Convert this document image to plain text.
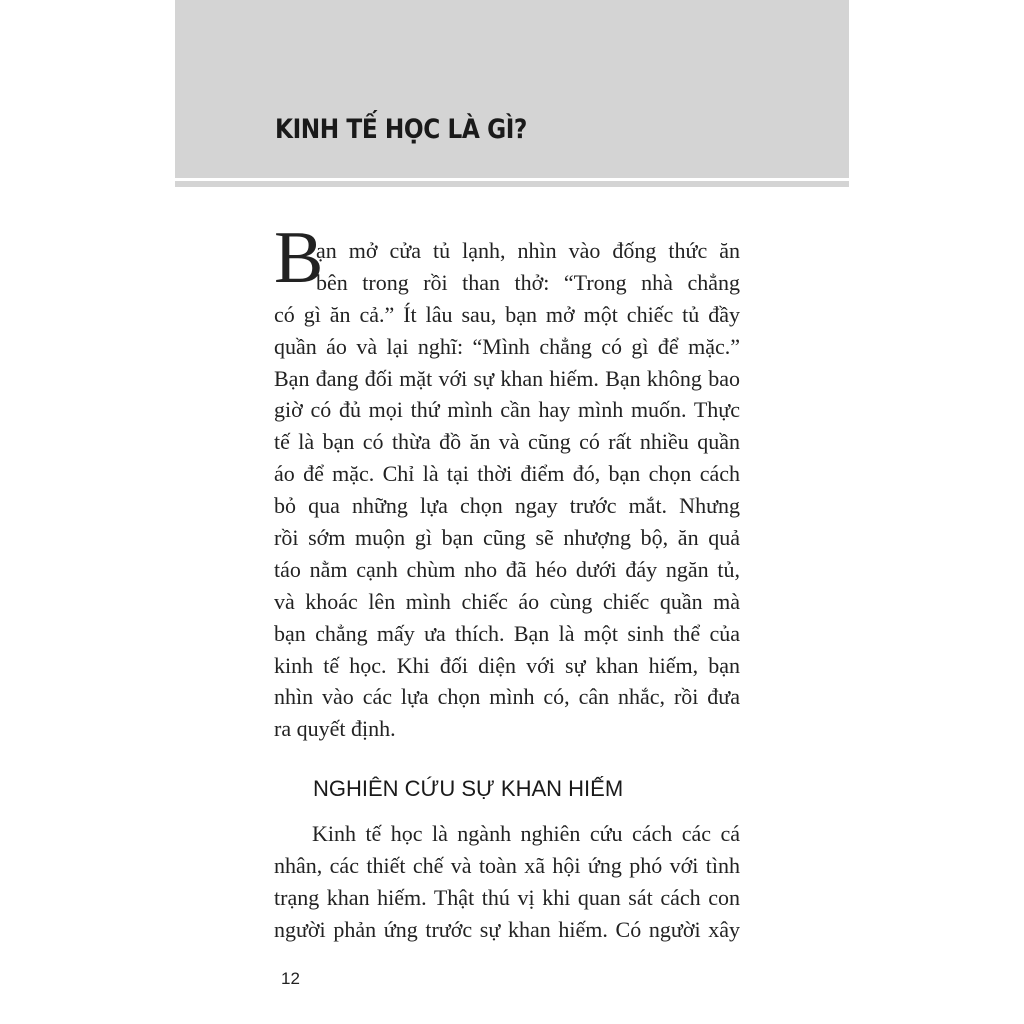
KINH TẾ HỌC LÀ GÌ?
B
ạn mở cửa tủ lạnh, nhìn vào đống thức ăn
bên trong rồi than thở: “Trong nhà chẳng
có gì ăn cả.” Ít lâu sau, bạn mở một chiếc tủ đầy
quần áo và lại nghĩ: “Mình chẳng có gì để mặc.”
Bạn đang đối mặt với sự khan hiếm. Bạn không bao
giờ có đủ mọi thứ mình cần hay mình muốn. Thực
tế là bạn có thừa đồ ăn và cũng có rất nhiều quần
áo để mặc. Chỉ là tại thời điểm đó, bạn chọn cách
bỏ qua những lựa chọn ngay trước mắt. Nhưng
rồi sớm muộn gì bạn cũng sẽ nhượng bộ, ăn quả
táo nằm cạnh chùm nho đã héo dưới đáy ngăn tủ,
và khoác lên mình chiếc áo cùng chiếc quần mà
bạn chẳng mấy ưa thích. Bạn là một sinh thể của
kinh tế học. Khi đối diện với sự khan hiếm, bạn
nhìn vào các lựa chọn mình có, cân nhắc, rồi đưa
ra quyết định.
NGHIÊN CỨU SỰ KHAN HIẾM
Kinh tế học là ngành nghiên cứu cách các cá
nhân, các thiết chế và toàn xã hội ứng phó với tình
trạng khan hiếm. Thật thú vị khi quan sát cách con
người phản ứng trước sự khan hiếm. Có người xây
12
